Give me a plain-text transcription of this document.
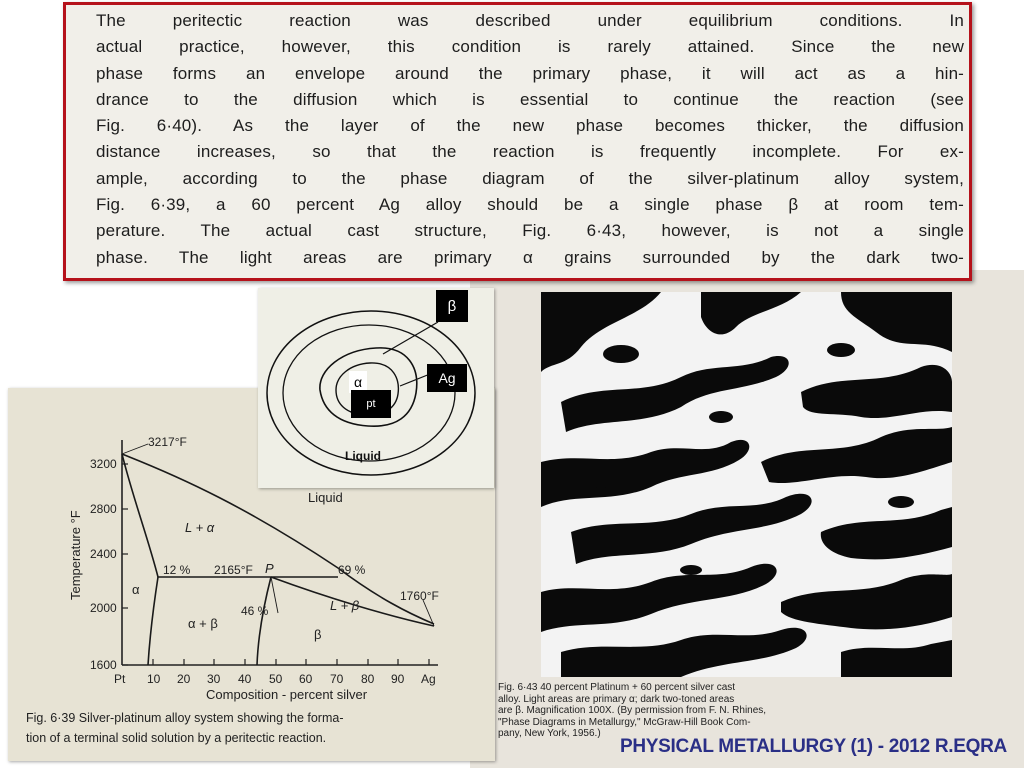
The peritectic reaction was described under equilibrium conditions. In
actual practice, however, this condition is rarely attained. Since the new
phase forms an envelope around the primary phase, it will act as a hin-
drance to the diffusion which is essential to continue the reaction (see
Fig. 6·40). As the layer of the new phase becomes thicker, the diffusion
distance increases, so that the reaction is frequently incomplete. For ex-
ample, according to the phase diagram of the silver-platinum alloy system,
Fig. 6·39, a 60 percent Ag alloy should be a single phase β at room tem-
perature. The actual cast structure, Fig. 6·43, however, is not a single
phase. The light areas are primary α grains surrounded by the dark two-
3200
2800
2400
2000
1600
Pt 10 20 30 40 50 60 70 80 90 Ag
Temperature °F
Composition - percent silver
3217°F
1760°F
2165°F
12 %	P
46 %
69 %
Liquid
L + α
α
L + β
α + β
β
Fig. 6·39 Silver-platinum alloy system showing the forma-
tion of a terminal solid solution by a peritectic reaction.
β
Ag
α
pt
Liquid
Fig. 6·43 40 percent Platinum + 60 percent silver cast
alloy. Light areas are primary α; dark two-toned areas
are β. Magnification 100X. (By permission from F. N. Rhines,
"Phase Diagrams in Metallurgy," McGraw-Hill Book Com-
pany, New York, 1956.)
PHYSICAL METALLURGY (1) - 2012 R.EQRA
